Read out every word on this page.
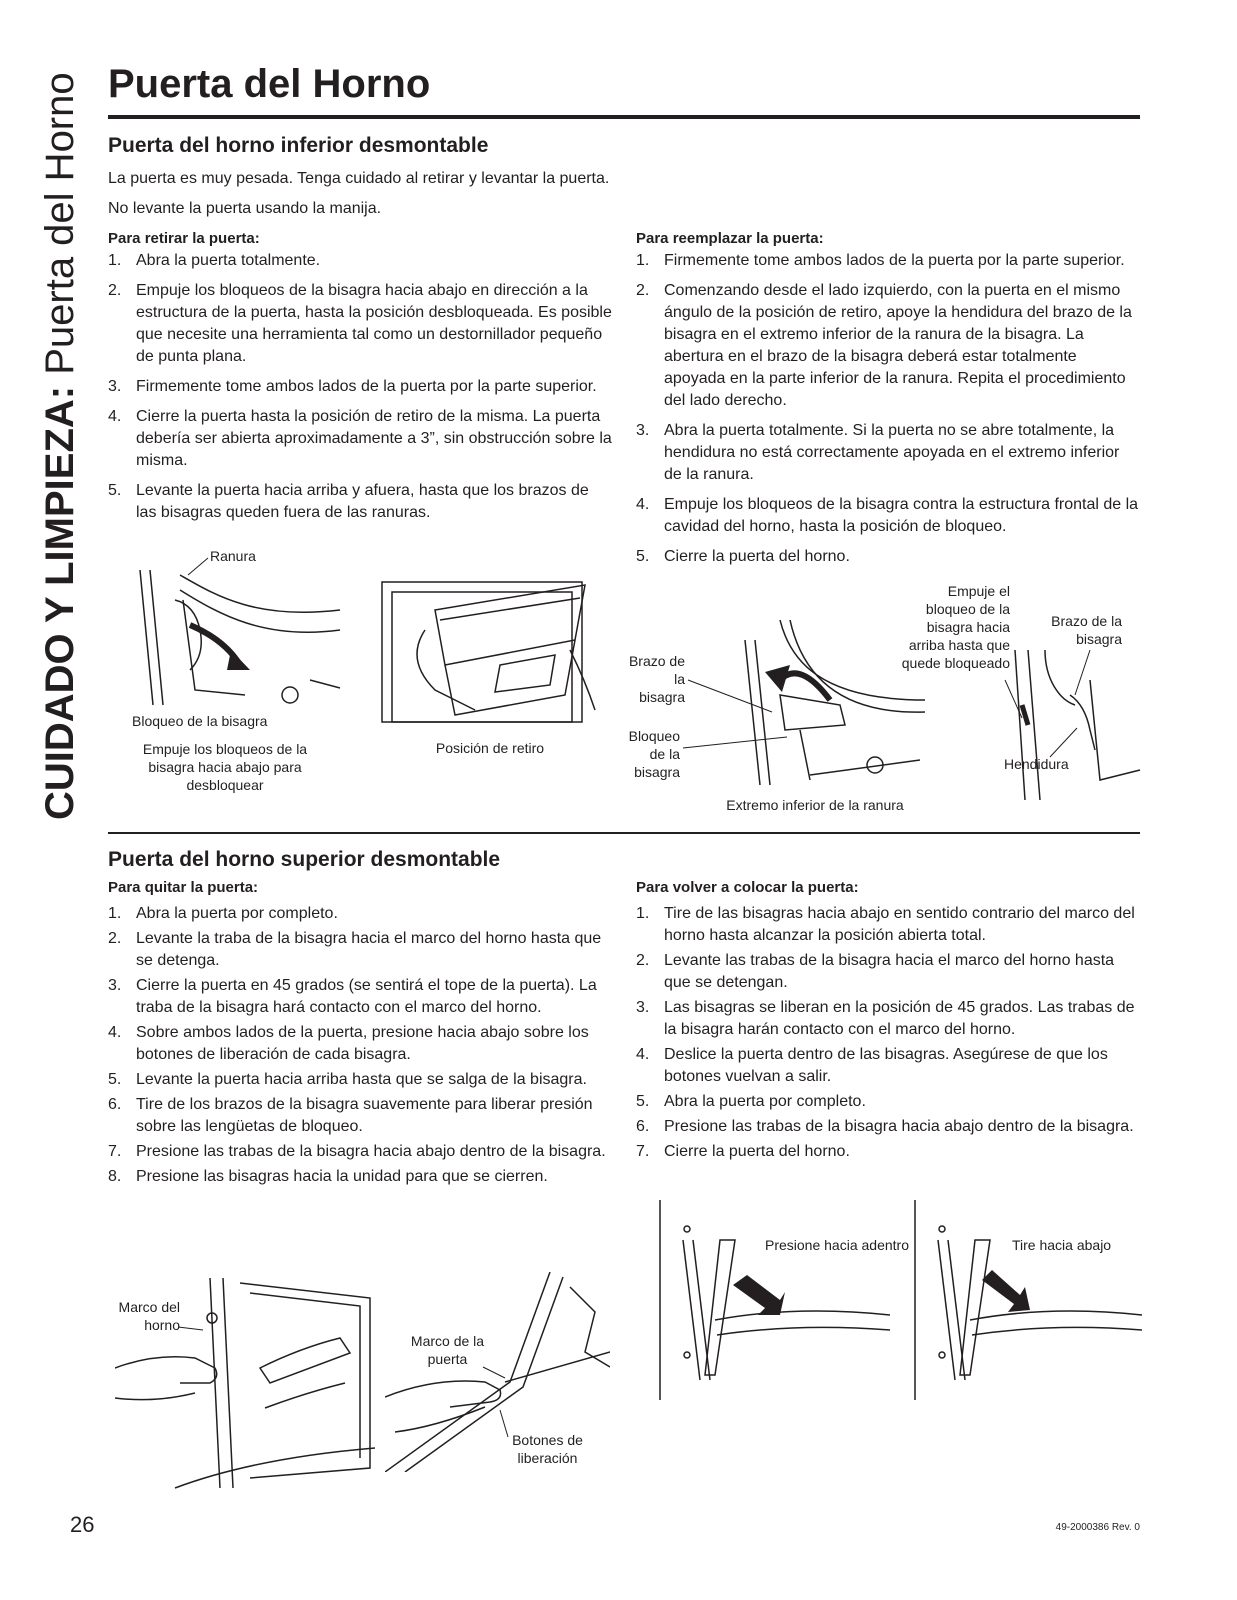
CUIDADO Y LIMPIEZA: Puerta del Horno Puerta del Horno
Puerta del horno inferior desmontable

La puerta es muy pesada. Tenga cuidado al retirar y levantar la puerta.

No levante la puerta usando la manija.

Para retirar la puerta:

1. Abra la puerta totalmente.
2. Empuje los bloqueos de la bisagra hacia abajo en dirección a la estructura de la puerta, hasta la posición desbloqueada. Es posible que necesite una herramienta tal como un destornillador pequeño de punta plana.
3. Firmemente tome ambos lados de la puerta por la parte superior.
4. Cierre la puerta hasta la posición de retiro de la misma. La puerta debería ser abierta aproximadamente a 3”, sin obstrucción sobre la misma.
5. Levante la puerta hacia arriba y afuera, hasta que los brazos de las bisagras queden fuera de las ranuras.

Para reemplazar la puerta:

1. Firmemente tome ambos lados de la puerta por la parte superior.
2. Comenzando desde el lado izquierdo, con la puerta en el mismo ángulo de la posición de retiro, apoye la hendidura del brazo de la bisagra en el extremo inferior de la ranura de la bisagra. La abertura en el brazo de la bisagra deberá estar totalmente apoyada en la parte inferior de la ranura. Repita el procedimiento del lado derecho.
3. Abra la puerta totalmente. Si la puerta no se abre totalmente, la hendidura no está correctamente apoyada en el extremo inferior de la ranura.
4. Empuje los bloqueos de la bisagra contra la estructura frontal de la cavidad del horno, hasta la posición de bloqueo.
5. Cierre la puerta del horno.
Ranura
Bloqueo de la bisagra
Empuje los bloqueos de la bisagra hacia abajo para desbloquear
Posición de retiro
Brazo de la bisagra
Bloqueo de la bisagra
Extremo inferior de la ranura
Empuje el bloqueo de la bisagra hacia arriba hasta que quede bloqueado
Brazo de la bisagra
Hendidura
Puerta del horno superior desmontable

Para quitar la puerta:

1. Abra la puerta por completo.
2. Levante la traba de la bisagra hacia el marco del horno hasta que se detenga.
3. Cierre la puerta en 45 grados (se sentirá el tope de la puerta). La traba de la bisagra hará contacto con el marco del horno.
4. Sobre ambos lados de la puerta, presione hacia abajo sobre los botones de liberación de cada bisagra.
5. Levante la puerta hacia arriba hasta que se salga de la bisagra.
6. Tire de los brazos de la bisagra suavemente para liberar presión sobre las lengüetas de bloqueo.
7. Presione las trabas de la bisagra hacia abajo dentro de la bisagra.
8. Presione las bisagras hacia la unidad para que se cierren.

Para volver a colocar la puerta:

1. Tire de las bisagras hacia abajo en sentido contrario del marco del horno hasta alcanzar la posición abierta total.
2. Levante las trabas de la bisagra hacia el marco del horno hasta que se detengan.
3. Las bisagras se liberan en la posición de 45 grados. Las trabas de la bisagra harán contacto con el marco del horno.
4. Deslice la puerta dentro de las bisagras. Asegúrese de que los botones vuelvan a salir.
5. Abra la puerta por completo.
6. Presione las trabas de la bisagra hacia abajo dentro de la bisagra.
7. Cierre la puerta del horno.
Marco del horno
Marco de la puerta
Botones de liberación
Presione hacia adentro	Tire hacia abajo
26	49-2000386 Rev. 0
